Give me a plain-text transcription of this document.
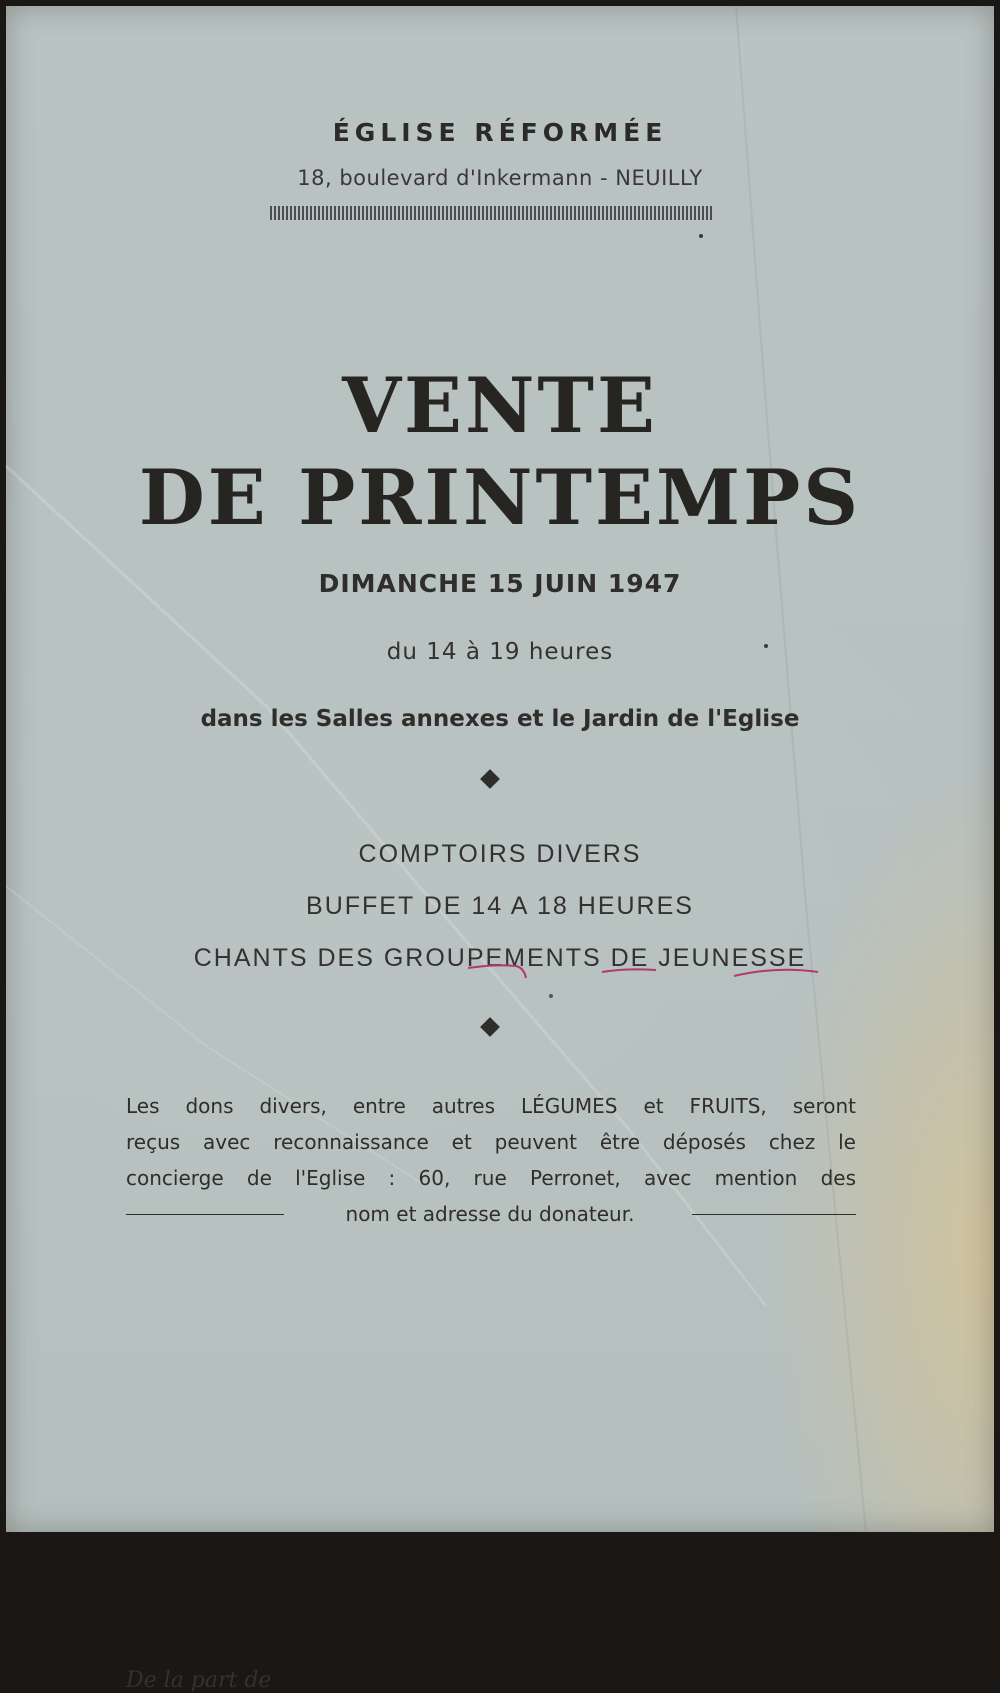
ÉGLISE RÉFORMÉE
18, boulevard d'Inkermann - NEUILLY
VENTE
DE PRINTEMPS
DIMANCHE 15 JUIN 1947
du 14 à 19 heures
dans les Salles annexes et le Jardin de l'Eglise
COMPTOIRS DIVERS
BUFFET DE 14 A 18 HEURES
CHANTS DES GROUPEMENTS DE JEUNESSE
Les dons divers, entre autres LÉGUMES et FRUITS, seront
reçus avec reconnaissance et peuvent être déposés chez le
concierge de l'Eglise : 60, rue Perronet, avec mention des
nom et adresse du donateur.
De la part de
